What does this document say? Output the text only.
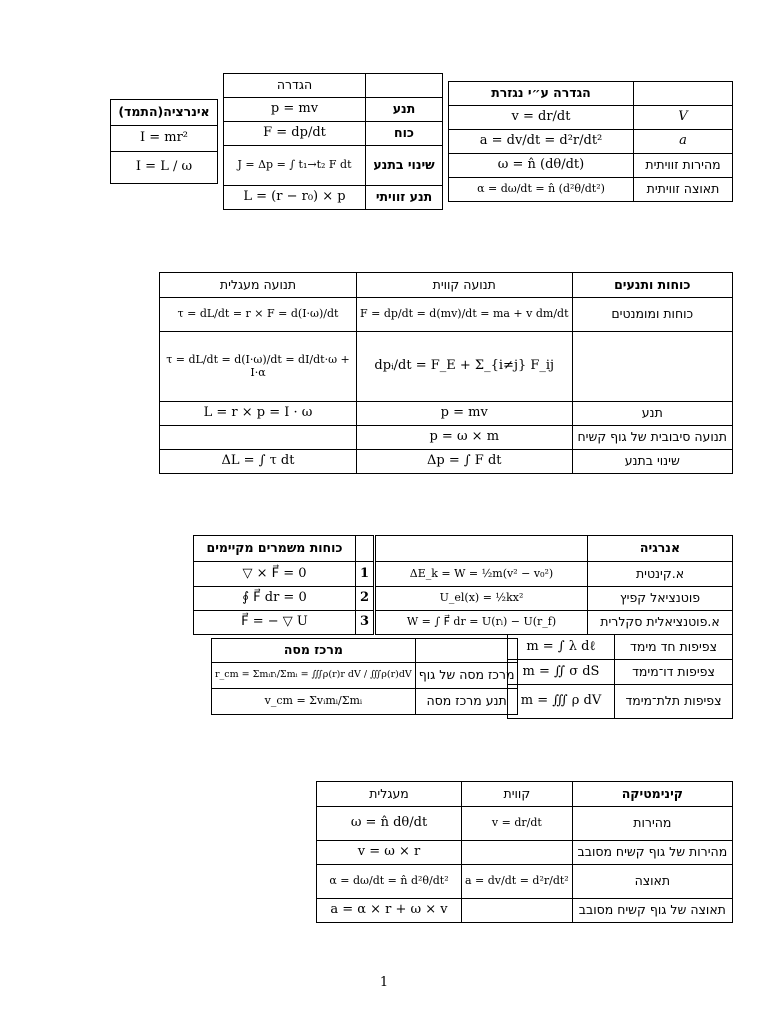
אינרציה(התמד)
I = mr²
I = L / ω
הגדרה	
p = mv	תנע
F = dp/dt	כוח
J = Δp = ∫ t₁→t₂ F dt	שינוי בתנע
L = (r − r₀) × p	תנע זוויתי
הגדרה ע״י נגזרת	
v = dr/dt	V
a = dv/dt = d²r/dt²	a
ω = n̂ (dθ/dt)	מהירות זוויתית
α = dω/dt = n̂ (d²θ/dt²)	תאוצה זוויתית
תנועה מעגלית	תנועה קווית	כוחות ותנעים
τ = dL/dt = r × F = d(I·ω)/dt	F = dp/dt = d(mv)/dt = ma + v dm/dt	כוחות ומומנטים
τ = dL/dt = d(I·ω)/dt = dI/dt·ω + I·α	dpᵢ/dt = F_E + Σ_{i≠j} F_ij	
L = r × p = I · ω	p = mv	תנע
	p = ω × m	תנועה סיבובית של גוף קשיח
ΔL = ∫ τ dt	Δp = ∫ F dt	שינוי בתנע
כוחות משמרים מקיימים	
▽ × F⃗ = 0	1
∮ F⃗ dr = 0	2
F⃗ = − ▽ U	3
	אנרגיה
ΔE_k = W = ½m(v² − v₀²)	א.קינטית
U_el(x) = ½kx²	פוטנציאל קפיץ
W = ∫ F⃗ dr = U(rᵢ) − U(r_f)	א.פוטנציאלית סקלרית
מרכז מסה	
r_cm = Σmᵢrᵢ/Σmᵢ = ∭ρ(r)r dV / ∭ρ(r)dV	מרכז מסה של גוף
v_cm = Σvᵢmᵢ/Σmᵢ	תנע מרכז מסה
m = ∫ λ dℓ	צפיפות חד מימד
m = ∬ σ dS	צפיפות דו־מימד
m = ∭ ρ dV	צפיפות תלת־מימד
מעגלית	קווית	קינימטיקה
ω = n̂ dθ/dt	v = dr/dt	מהירות
v = ω × r		מהירות של גוף קשיח מסובב
α = dω/dt = n̂ d²θ/dt²	a = dv/dt = d²r/dt²	תאוצה
a = α × r + ω × v		תאוצה של גוף קשיח מסובב
1
